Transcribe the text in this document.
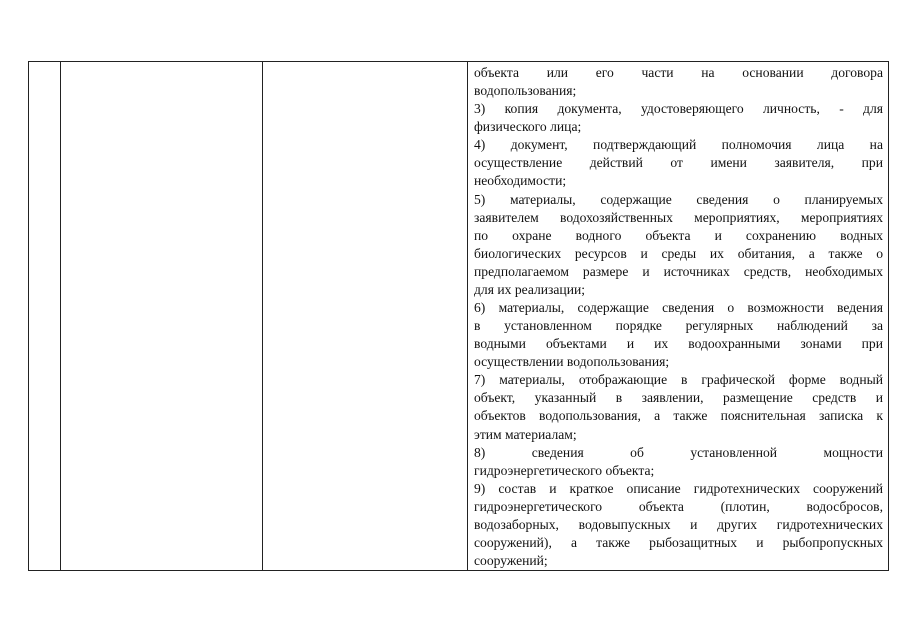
объекта или его части на основании договора
водопользования;
3) копия документа, удостоверяющего личность, - для
физического лица;
4) документ, подтверждающий полномочия лица на
осуществление действий от имени заявителя, при
необходимости;
5) материалы, содержащие сведения о планируемых
заявителем водохозяйственных мероприятиях, мероприятиях
по охране водного объекта и сохранению водных
биологических ресурсов и среды их обитания, а также о
предполагаемом размере и источниках средств, необходимых
для их реализации;
6) материалы, содержащие сведения о возможности ведения
в установленном порядке регулярных наблюдений за
водными объектами и их водоохранными зонами при
осуществлении водопользования;
7) материалы, отображающие в графической форме водный
объект, указанный в заявлении, размещение средств и
объектов водопользования, а также пояснительная записка к
этим материалам;
8) сведения об установленной мощности
гидроэнергетического объекта;
9) состав и краткое описание гидротехнических сооружений
гидроэнергетического объекта (плотин, водосбросов,
водозаборных, водовыпускных и других гидротехнических
сооружений), а также рыбозащитных и рыбопропускных
сооружений;
